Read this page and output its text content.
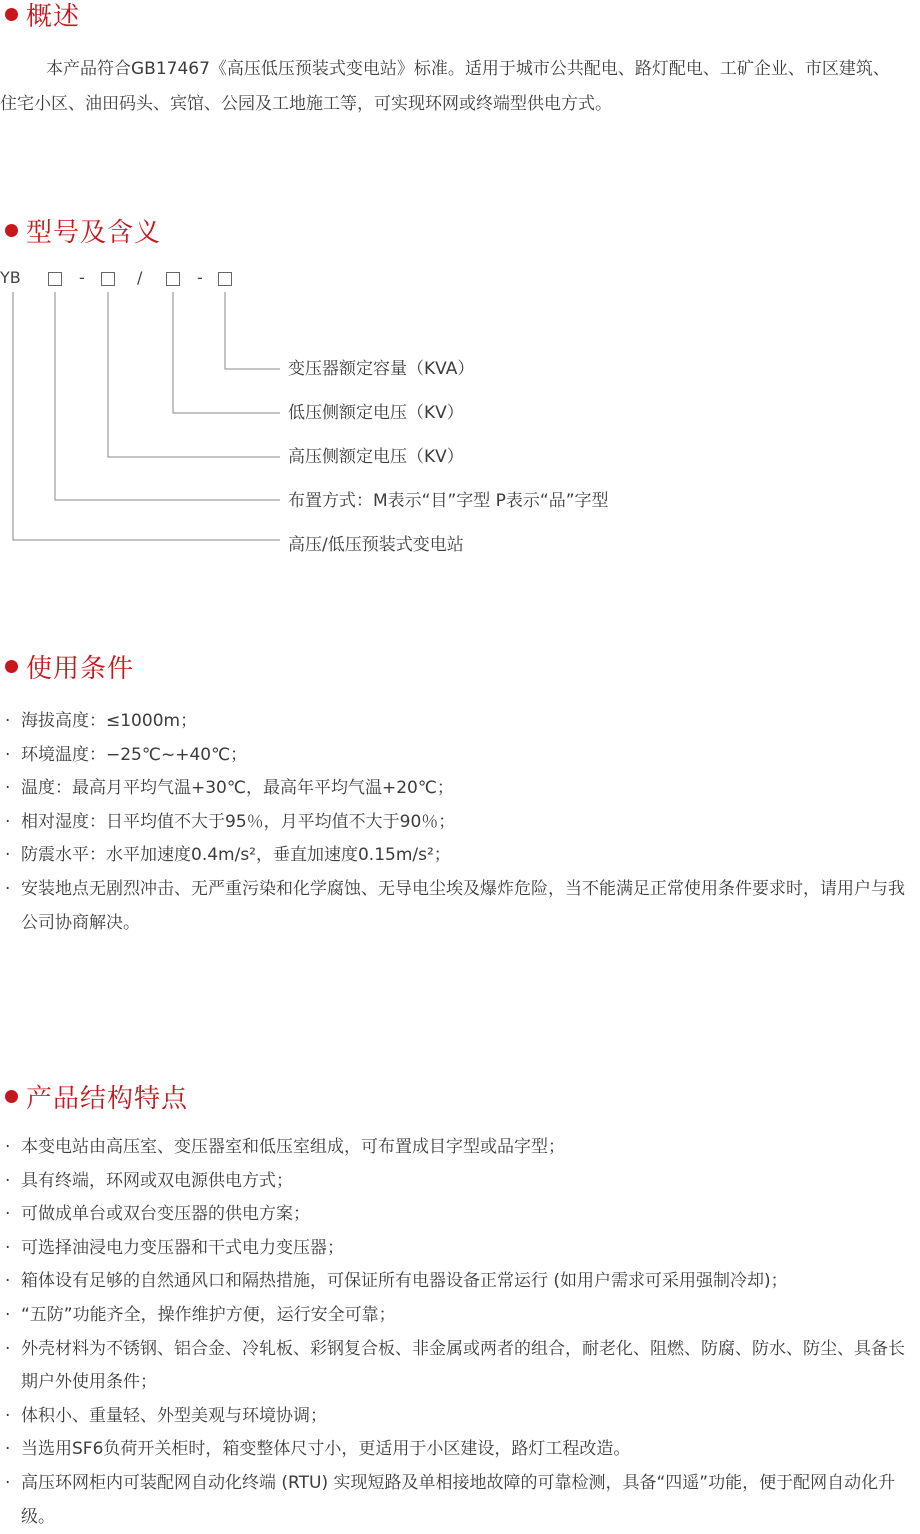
概述

本产品符合GB17467《高压低压预装式变电站》标准。适用于城市公共配电、路灯配电、工矿企业、市区建筑、住宅小区、油田码头、宾馆、公园及工地施工等，可实现环网或终端型供电方式。

型号及含义
YB	-	/	-
变压器额定容量（KVA）
低压侧额定电压（KV）
高压侧额定电压（KV）
布置方式：M表示“目”字型 P表示“品”字型
高压/低压预装式变电站
使用条件
· 海拔高度：≤1000m；
· 环境温度：−25℃~+40℃；
· 温度：最高月平均气温+30℃，最高年平均气温+20℃；
· 相对湿度：日平均值不大于95％，月平均值不大于90％；
· 防震水平：水平加速度0.4m/s²，垂直加速度0.15m/s²；
· 安装地点无剧烈冲击、无严重污染和化学腐蚀、无导电尘埃及爆炸危险，当不能满足正常使用条件要求时，请用户与我公司协商解决。
产品结构特点
· 本变电站由高压室、变压器室和低压室组成，可布置成目字型或品字型；
· 具有终端，环网或双电源供电方式；
· 可做成单台或双台变压器的供电方案；
· 可选择油浸电力变压器和干式电力变压器；
· 箱体设有足够的自然通风口和隔热措施，可保证所有电器设备正常运行 (如用户需求可采用强制冷却)；
· “五防”功能齐全，操作维护方便，运行安全可靠；
· 外壳材料为不锈钢、铝合金、冷轧板、彩钢复合板、非金属或两者的组合，耐老化、阻燃、防腐、防水、防尘、具备长期户外使用条件；
· 体积小、重量轻、外型美观与环境协调；
· 当选用SF6负荷开关柜时，箱变整体尺寸小，更适用于小区建设，路灯工程改造。
· 高压环网柜内可装配网自动化终端 (RTU) 实现短路及单相接地故障的可靠检测，具备“四遥”功能，便于配网自动化升级。
